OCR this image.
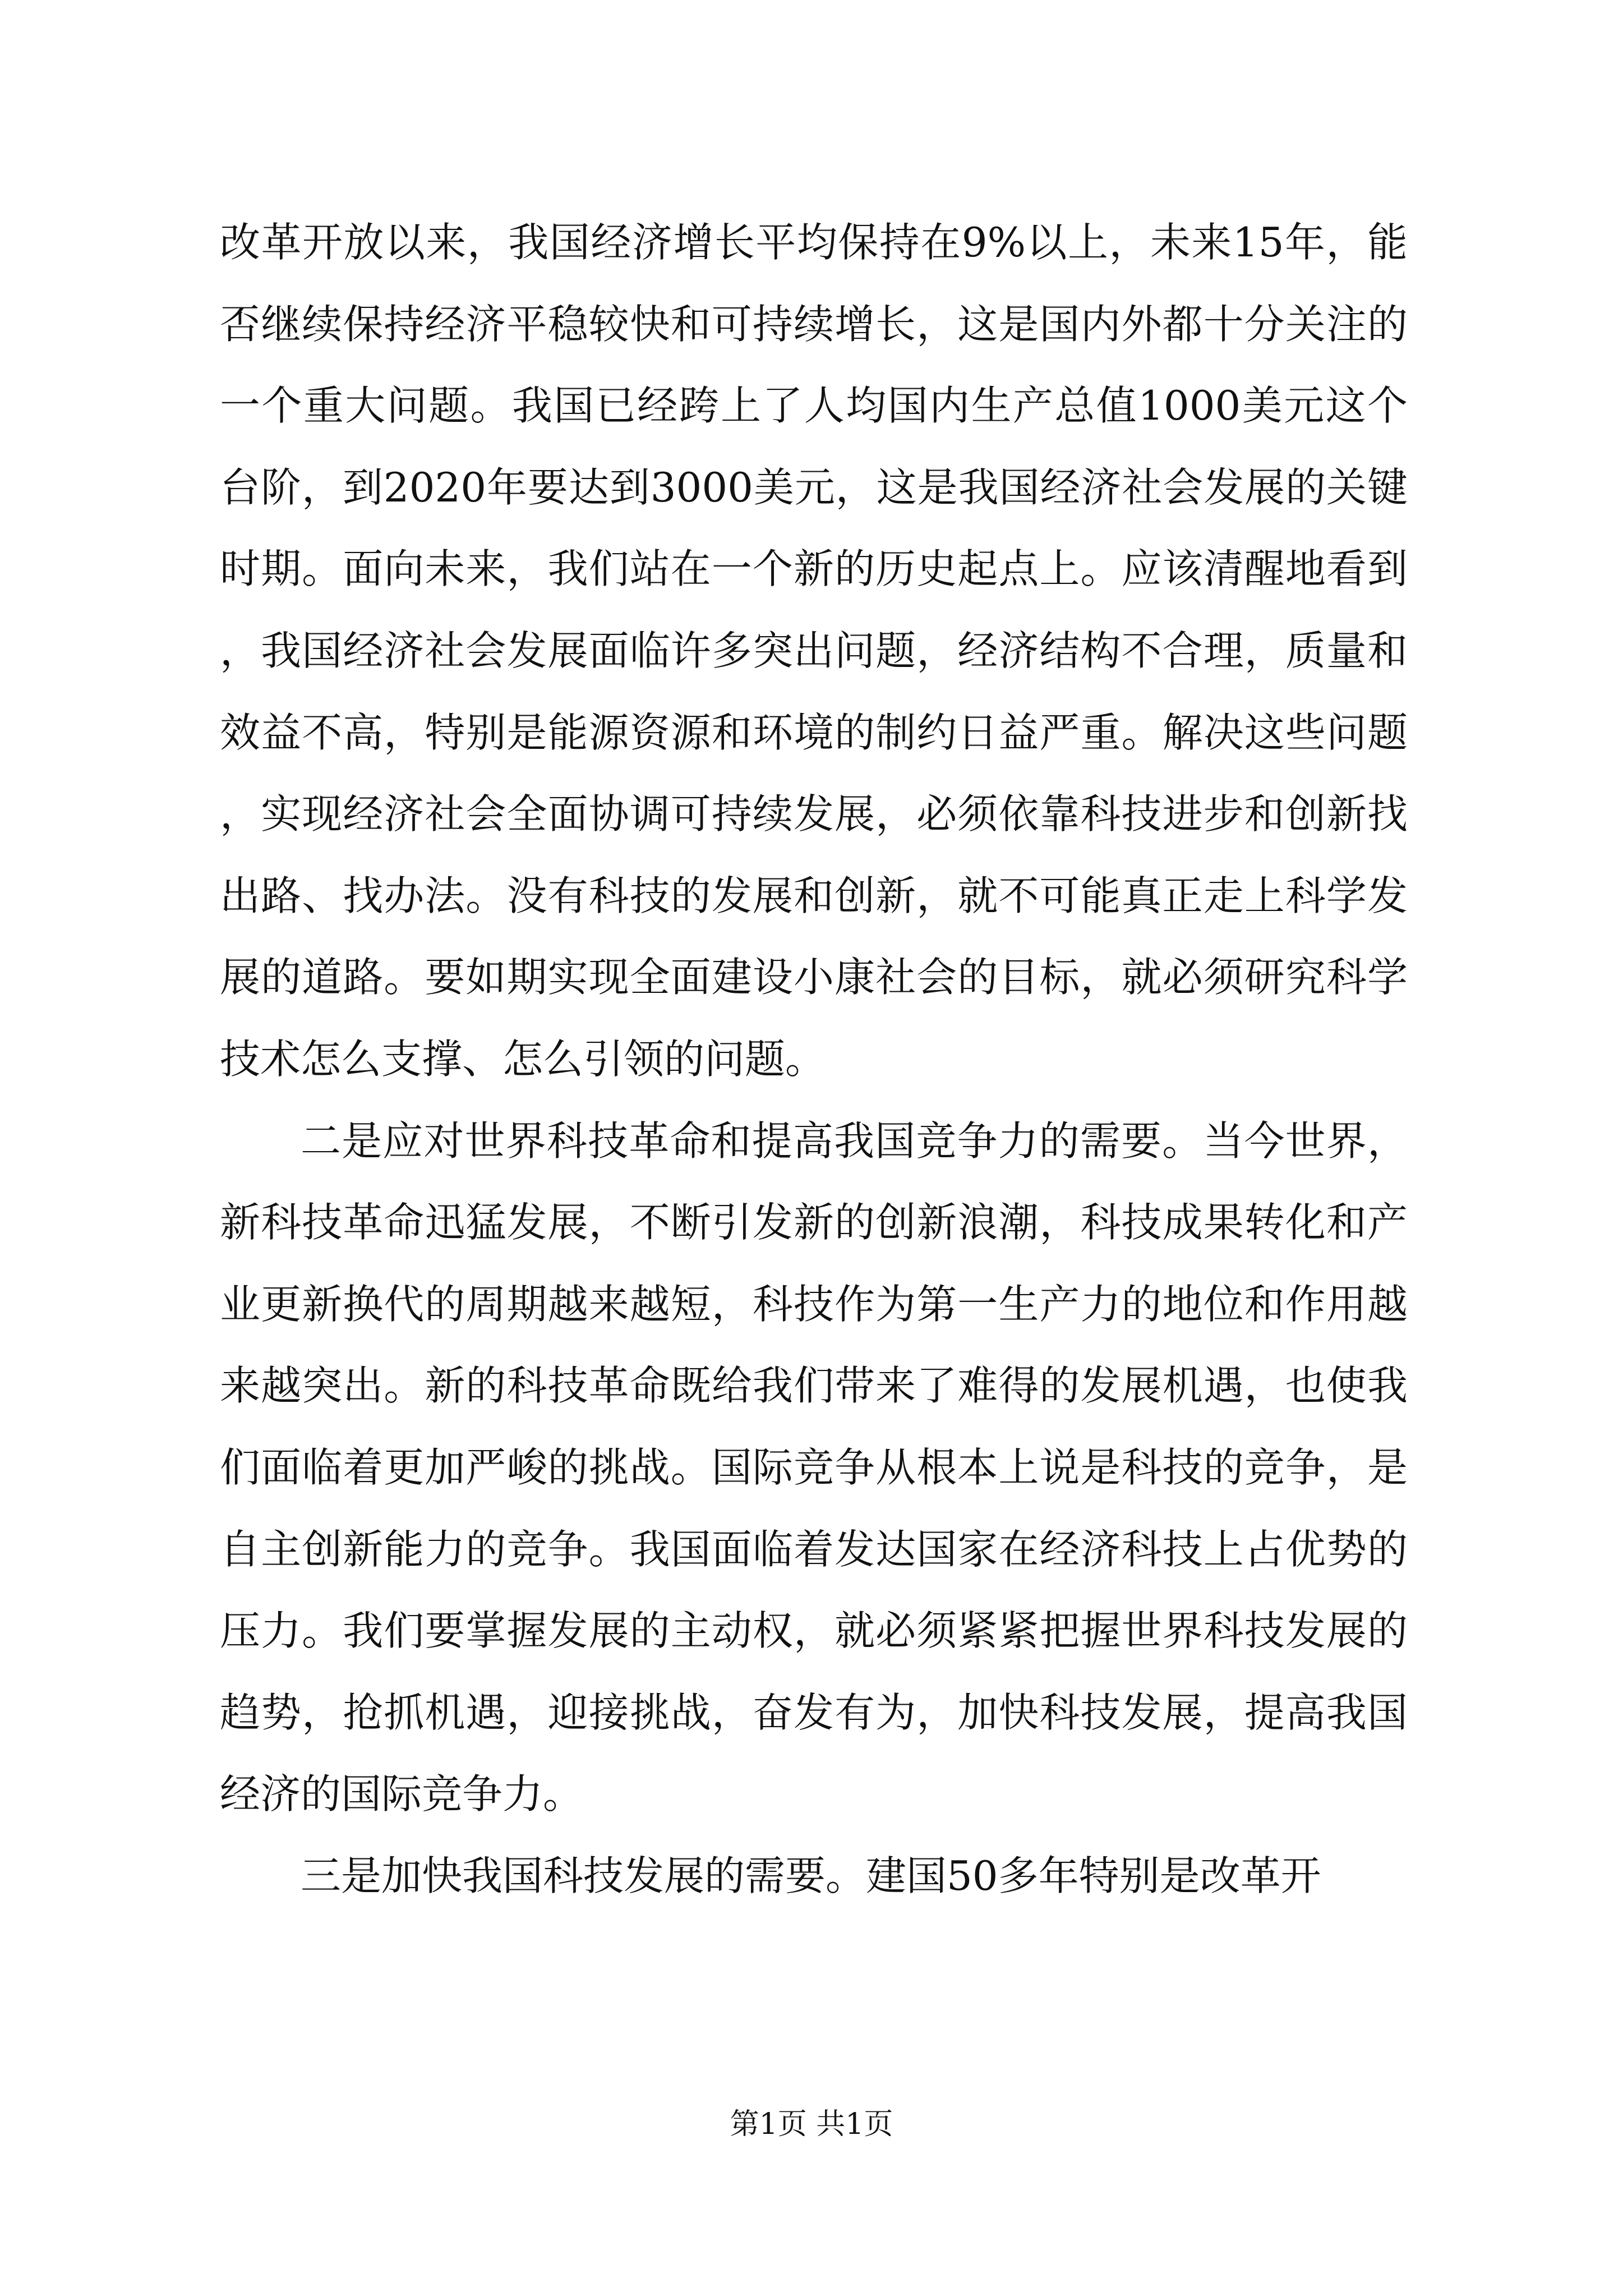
改革开放以来，我国经济增长平均保持在9%以上，未来15年，能否继续保持经济平稳较快和可持续增长，这是国内外都十分关注的一个重大问题。我国已经跨上了人均国内生产总值1000美元这个台阶，到2020年要达到3000美元，这是我国经济社会发展的关键时期。面向未来，我们站在一个新的历史起点上。应该清醒地看到，我国经济社会发展面临许多突出问题，经济结构不合理，质量和效益不高，特别是能源资源和环境的制约日益严重。解决这些问题，实现经济社会全面协调可持续发展，必须依靠科技进步和创新找出路、找办法。没有科技的发展和创新，就不可能真正走上科学发展的道路。要如期实现全面建设小康社会的目标，就必须研究科学技术怎么支撑、怎么引领的问题。

二是应对世界科技革命和提高我国竞争力的需要。当今世界，新科技革命迅猛发展，不断引发新的创新浪潮，科技成果转化和产业更新换代的周期越来越短，科技作为第一生产力的地位和作用越来越突出。新的科技革命既给我们带来了难得的发展机遇，也使我们面临着更加严峻的挑战。国际竞争从根本上说是科技的竞争，是自主创新能力的竞争。我国面临着发达国家在经济科技上占优势的压力。我们要掌握发展的主动权，就必须紧紧把握世界科技发展的趋势，抢抓机遇，迎接挑战，奋发有为，加快科技发展，提高我国经济的国际竞争力。

三是加快我国科技发展的需要。建国50多年特别是改革开

第1页 共1页
